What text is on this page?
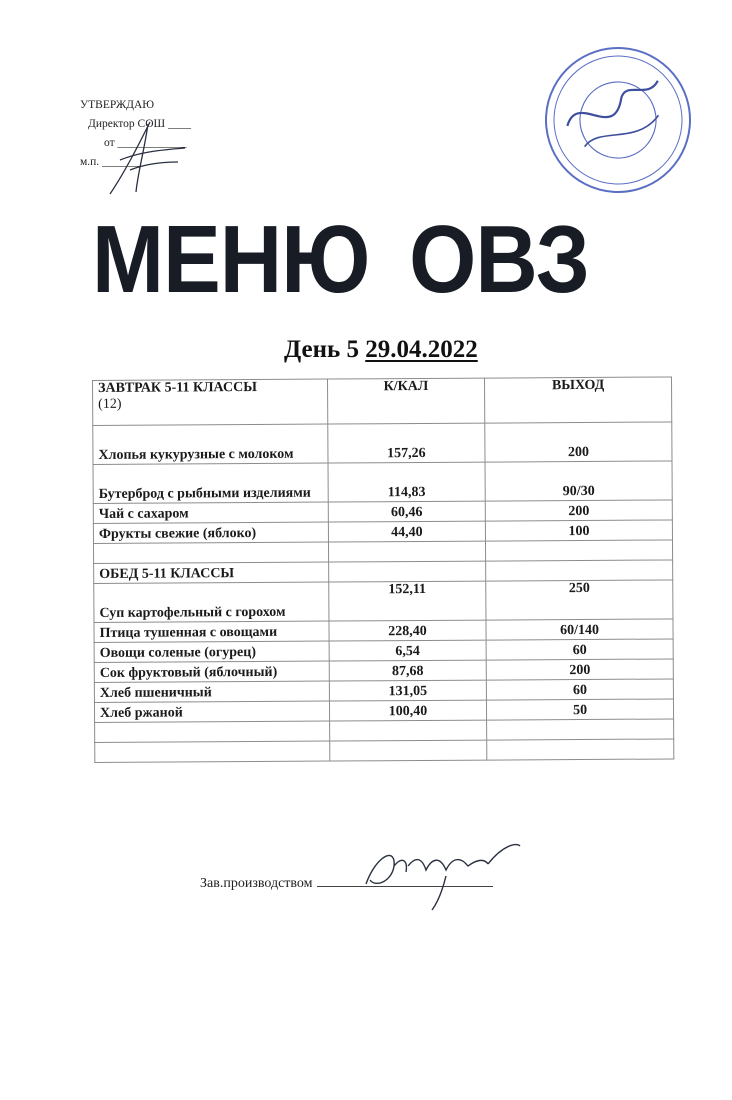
УТВЕРЖДАЮ
Директор СОШ ____
от ____________
м.п. _______
МЕНЮ ОВЗ
День 5 29.04.2022
ЗАВТРАК 5-11 КЛАССЫ
(12)	К/КАЛ	ВЫХОД
Хлопья кукурузные с молоком	157,26	200
Бутерброд с рыбными изделиями	114,83	90/30
Чай с сахаром	60,46	200
Фрукты свежие (яблоко)	44,40	100

ОБЕД 5-11 КЛАССЫ		
Суп картофельный с горохом	152,11	250
Птица тушенная с овощами	228,40	60/140
Овощи соленые (огурец)	6,54	60
Сок фруктовый (яблочный)	87,68	200
Хлеб пшеничный	131,05	60
Хлеб ржаной	100,40	50

Зав.производством
